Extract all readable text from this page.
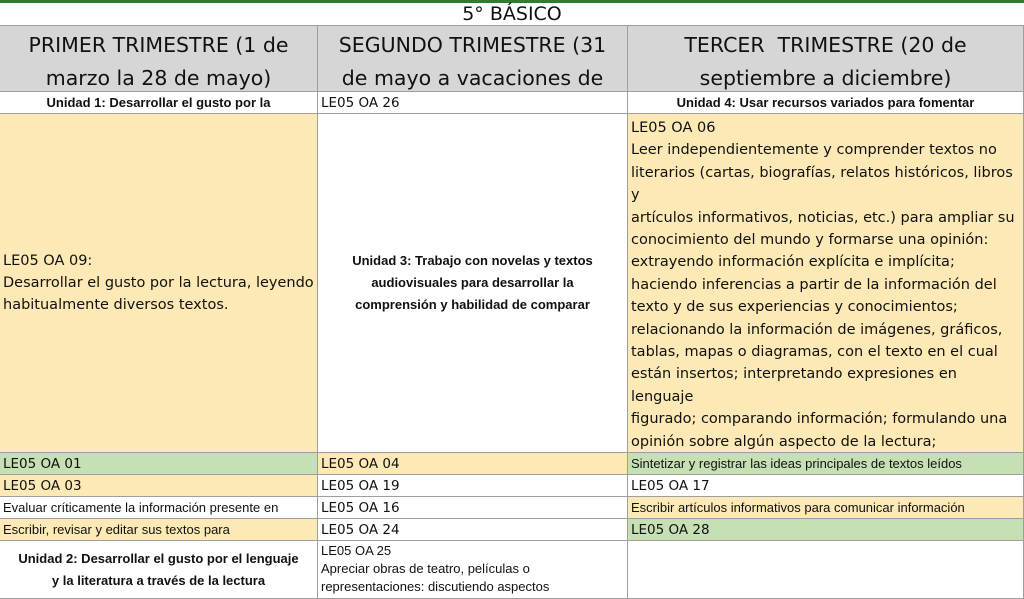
5° BÁSICO
PRIMER TRIMESTRE (1 de
marzo la 28 de mayo)
SEGUNDO TRIMESTRE (31
de mayo a vacaciones de
TERCER  TRIMESTRE (20 de
septiembre a diciembre)
Unidad 1: Desarrollar el gusto por la
LE05 OA 09:
Desarrollar el gusto por la lectura, leyendo
habitualmente diversos textos.
LE05 OA 01
LE05 OA 03
Evaluar críticamente la información presente en
Escribir, revisar y editar sus textos para
Unidad 2: Desarrollar el gusto por el lenguaje
y la literatura a través de la lectura
LE05 OA 26
Unidad 3: Trabajo con novelas y textos
audiovisuales para desarrollar la
comprensión y habilidad de comparar
LE05 OA 04
LE05 OA 19
LE05 OA 16
LE05 OA 24
LE05 OA 25
Apreciar obras de teatro, películas o
representaciones: discutiendo aspectos
Unidad 4: Usar recursos variados para fomentar
LE05 OA 06
Leer independientemente y comprender textos no
literarios (cartas, biografías, relatos históricos, libros y
artículos informativos, noticias, etc.) para ampliar su
conocimiento del mundo y formarse una opinión:
extrayendo información explícita e implícita;
haciendo inferencias a partir de la información del
texto y de sus experiencias y conocimientos;
relacionando la información de imágenes, gráficos,
tablas, mapas o diagramas, con el texto en el cual
están insertos; interpretando expresiones en lenguaje
figurado; comparando información; formulando una
opinión sobre algún aspecto de la lectura;

Sintetizar y registrar las ideas principales de textos leídos
LE05 OA 17
Escribir artículos informativos para comunicar información
LE05 OA 28
